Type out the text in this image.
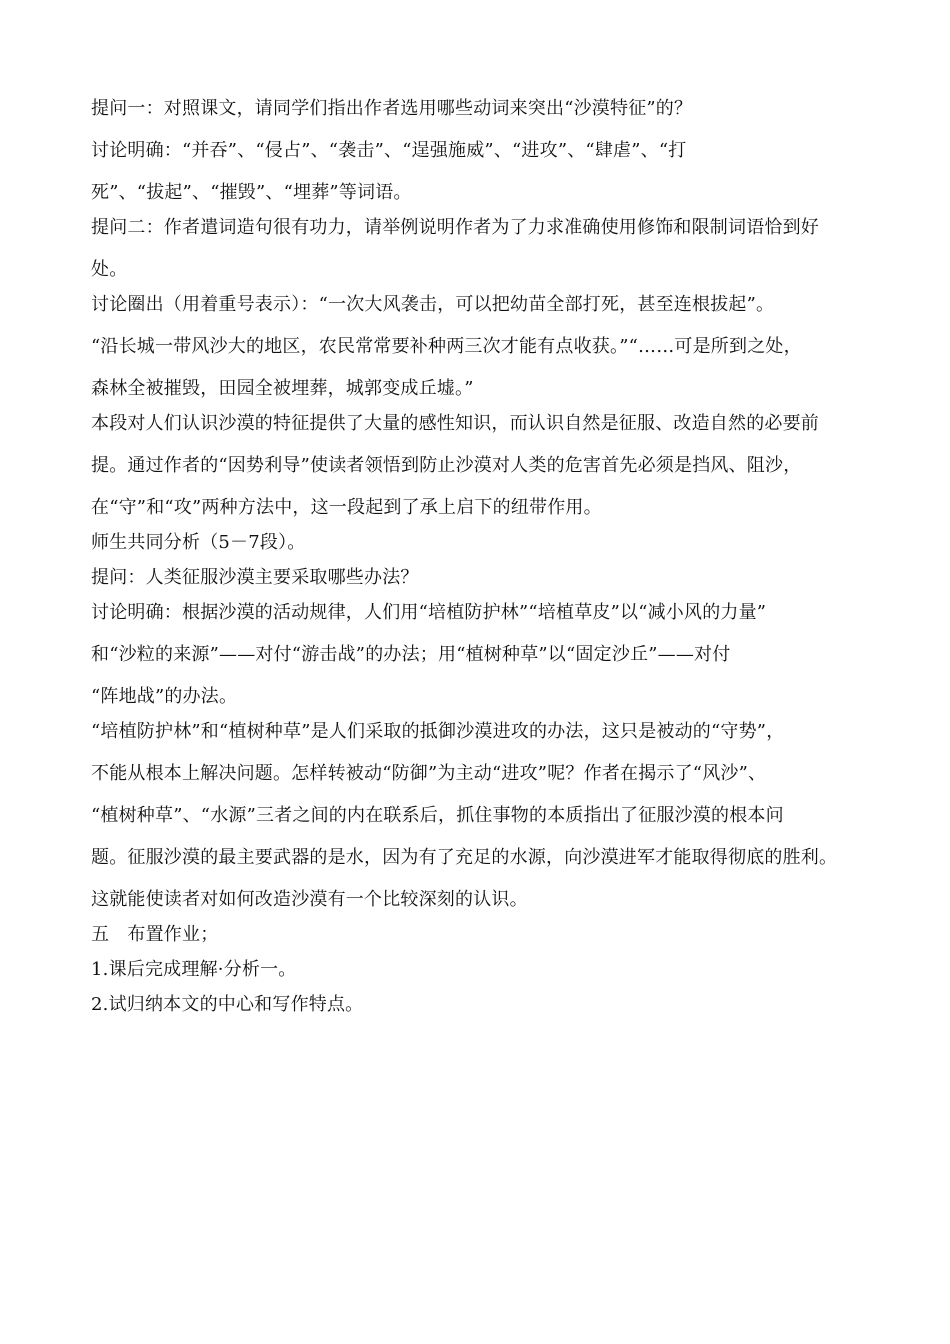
提问一：对照课文，请同学们指出作者选用哪些动词来突出“沙漠特征”的？
讨论明确：“并吞”、“侵占”、“袭击”、“逞强施威”、“进攻”、“肆虐”、“打
死”、“拔起”、“摧毁”、“埋葬”等词语。
提问二：作者遣词造句很有功力，请举例说明作者为了力求准确使用修饰和限制词语恰到好
处。
讨论圈出（用着重号表示）：“一次大风袭击，可以把幼苗全部打死，甚至连根拔起”。
“沿长城一带风沙大的地区，农民常常要补种两三次才能有点收获。”“……可是所到之处，
森林全被摧毁，田园全被埋葬，城郭变成丘墟。”
本段对人们认识沙漠的特征提供了大量的感性知识，而认识自然是征服、改造自然的必要前
提。通过作者的“因势利导”使读者领悟到防止沙漠对人类的危害首先必须是挡风、阻沙，
在“守”和“攻”两种方法中，这一段起到了承上启下的纽带作用。
师生共同分析（5－7段）。
提问：人类征服沙漠主要采取哪些办法？
讨论明确：根据沙漠的活动规律，人们用“培植防护林”“培植草皮”以“减小风的力量”
和“沙粒的来源”——对付“游击战”的办法；用“植树种草”以“固定沙丘”——对付
“阵地战”的办法。
“培植防护林”和“植树种草”是人们采取的抵御沙漠进攻的办法，这只是被动的“守势”，
不能从根本上解决问题。怎样转被动“防御”为主动“进攻”呢？作者在揭示了“风沙”、
“植树种草”、“水源”三者之间的内在联系后，抓住事物的本质指出了征服沙漠的根本问
题。征服沙漠的最主要武器的是水，因为有了充足的水源，向沙漠进军才能取得彻底的胜利。
这就能使读者对如何改造沙漠有一个比较深刻的认识。
五　布置作业；
1.课后完成理解·分析一。
2.试归纳本文的中心和写作特点。
